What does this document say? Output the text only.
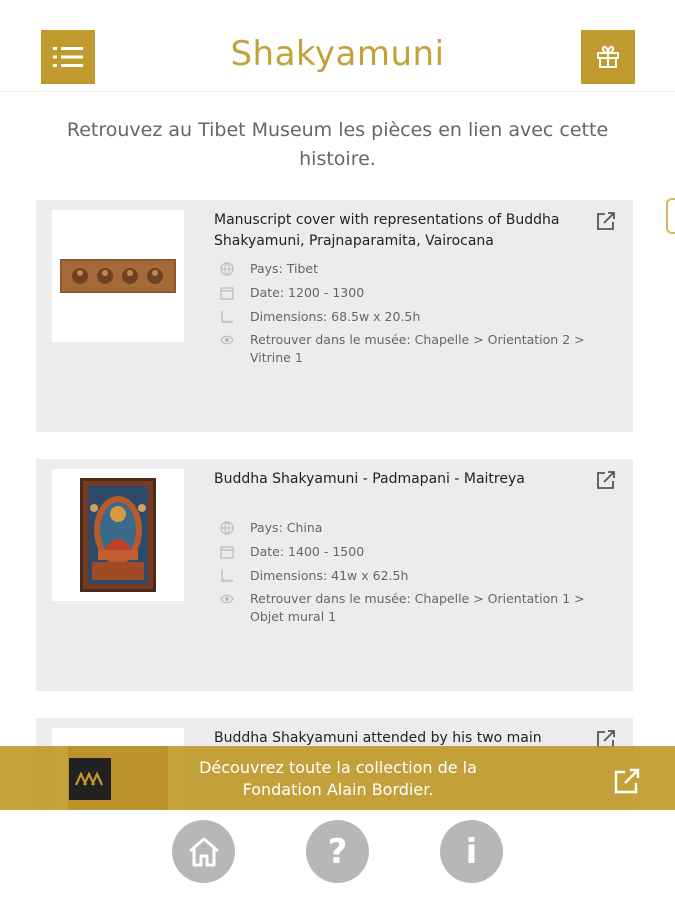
Shakyamuni
Retrouvez au Tibet Museum les pièces en lien avec cette histoire.
Manuscript cover with representations of Buddha Shakyamuni, Prajnaparamita, Vairocana
Pays: Tibet
Date: 1200 - 1300
Dimensions: 68.5w x 20.5h
Retrouver dans le musée: Chapelle > Orientation 2 > Vitrine 1
Buddha Shakyamuni - Padmapani - Maitreya
Pays: China
Date: 1400 - 1500
Dimensions: 41w x 62.5h
Retrouver dans le musée: Chapelle > Orientation 1 > Objet mural 1
Buddha Shakyamuni attended by his two main
Découvrez toute la collection de la Fondation Alain Bordier.
?	i
